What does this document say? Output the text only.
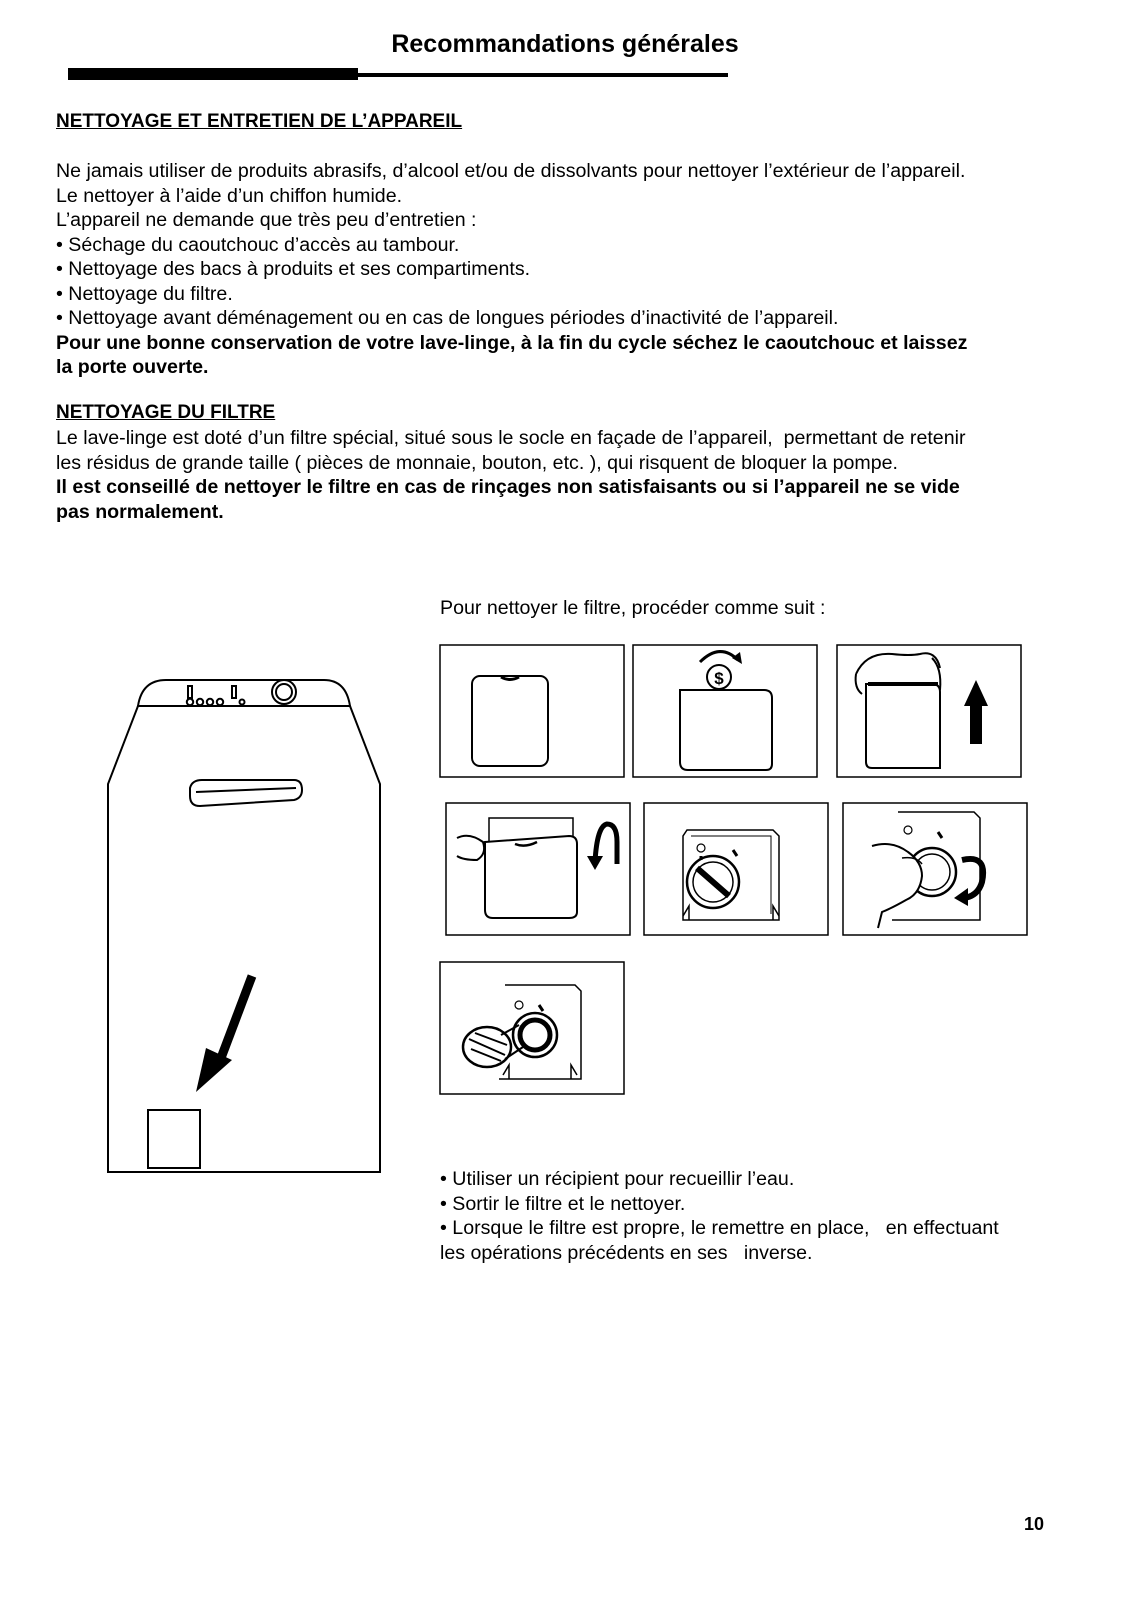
Recommandations générales
NETTOYAGE ET ENTRETIEN DE L’APPAREIL

Ne jamais utiliser de produits abrasifs, d’alcool et/ou de dissolvants pour nettoyer l’extérieur de l’appareil.

Le nettoyer à l’aide d’un chiffon humide.

L’appareil ne demande que très peu d’entretien :

• Séchage du caoutchouc d’accès au tambour.

• Nettoyage des bacs à produits et ses compartiments.

• Nettoyage du filtre.

• Nettoyage avant déménagement ou en cas de longues périodes d’inactivité de l’appareil.

Pour une bonne conservation de votre lave-linge, à la fin du cycle séchez le caoutchouc et laissez

la porte ouverte.

NETTOYAGE DU FILTRE

Le lave-linge est doté d’un filtre spécial, situé sous le socle en façade de l’appareil,  permettant de retenir

les résidus de grande taille ( pièces de monnaie, bouton, etc. ), qui risquent de bloquer la pompe.

Il est conseillé de nettoyer le filtre en cas de rinçages non satisfaisants ou si l’appareil ne se vide

pas normalement.

Pour nettoyer le filtre, procéder comme suit :
$

• Utiliser un récipient pour recueillir l’eau.

• Sortir le filtre et le nettoyer.

• Lorsque le filtre est propre, le remettre en place,   en effectuant

les opérations précédents en ses   inverse.

10
